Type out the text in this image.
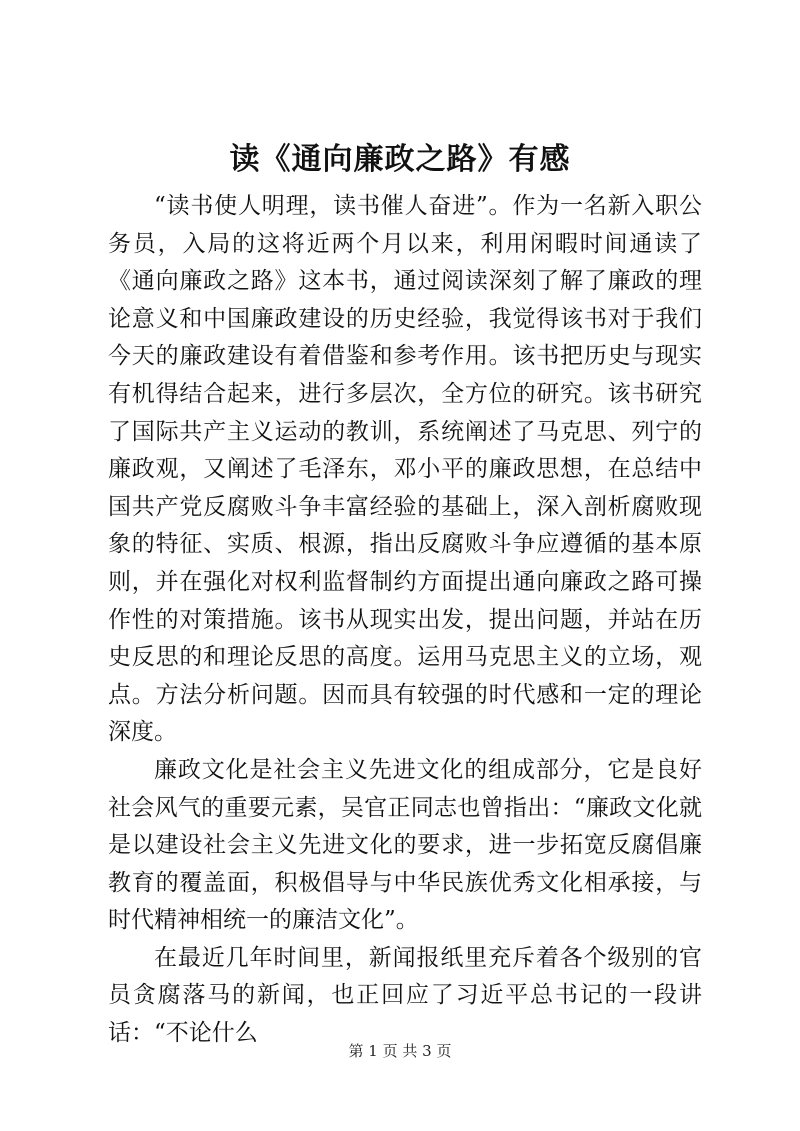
读《通向廉政之路》有感

“读书使人明理，读书催人奋进”。作为一名新入职公务员，入局的这将近两个月以来，利用闲暇时间通读了《通向廉政之路》这本书，通过阅读深刻了解了廉政的理论意义和中国廉政建设的历史经验，我觉得该书对于我们今天的廉政建设有着借鉴和参考作用。该书把历史与现实有机得结合起来，进行多层次，全方位的研究。该书研究了国际共产主义运动的教训，系统阐述了马克思、列宁的廉政观，又阐述了毛泽东，邓小平的廉政思想，在总结中国共产党反腐败斗争丰富经验的基础上，深入剖析腐败现象的特征、实质、根源，指出反腐败斗争应遵循的基本原则，并在强化对权利监督制约方面提出通向廉政之路可操作性的对策措施。该书从现实出发，提出问题，并站在历史反思的和理论反思的高度。运用马克思主义的立场，观点。方法分析问题。因而具有较强的时代感和一定的理论深度。

廉政文化是社会主义先进文化的组成部分，它是良好社会风气的重要元素，吴官正同志也曾指出：“廉政文化就是以建设社会主义先进文化的要求，进一步拓宽反腐倡廉教育的覆盖面，积极倡导与中华民族优秀文化相承接，与时代精神相统一的廉洁文化”。

在最近几年时间里，新闻报纸里充斥着各个级别的官员贪腐落马的新闻，也正回应了习近平总书记的一段讲话：“不论什么

第 1 页 共 3 页
